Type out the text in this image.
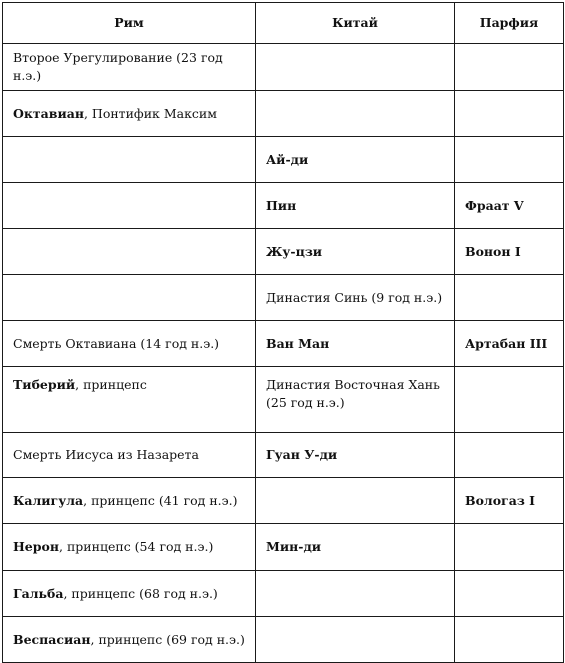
Рим	Китай	Парфия
Второе Урегулирование (23 год н.э.)		
Октавиан, Понтифик Максим		
	Ай-ди	
	Пин	Фраат V
	Жу-цзи	Вонон I
	Династия Синь (9 год н.э.)	
Смерть Октавиана (14 год н.э.)	Ван Ман	Артабан III
Тиберий, принцепс	Династия Восточная Хань (25 год н.э.)	
Смерть Иисуса из Назарета	Гуан У-ди	
Калигула, принцепс (41 год н.э.)		Вологаз I
Нерон, принцепс (54 год н.э.)	Мин-ди	
Гальба, принцепс (68 год н.э.)		
Веспасиан, принцепс (69 год н.э.)		
